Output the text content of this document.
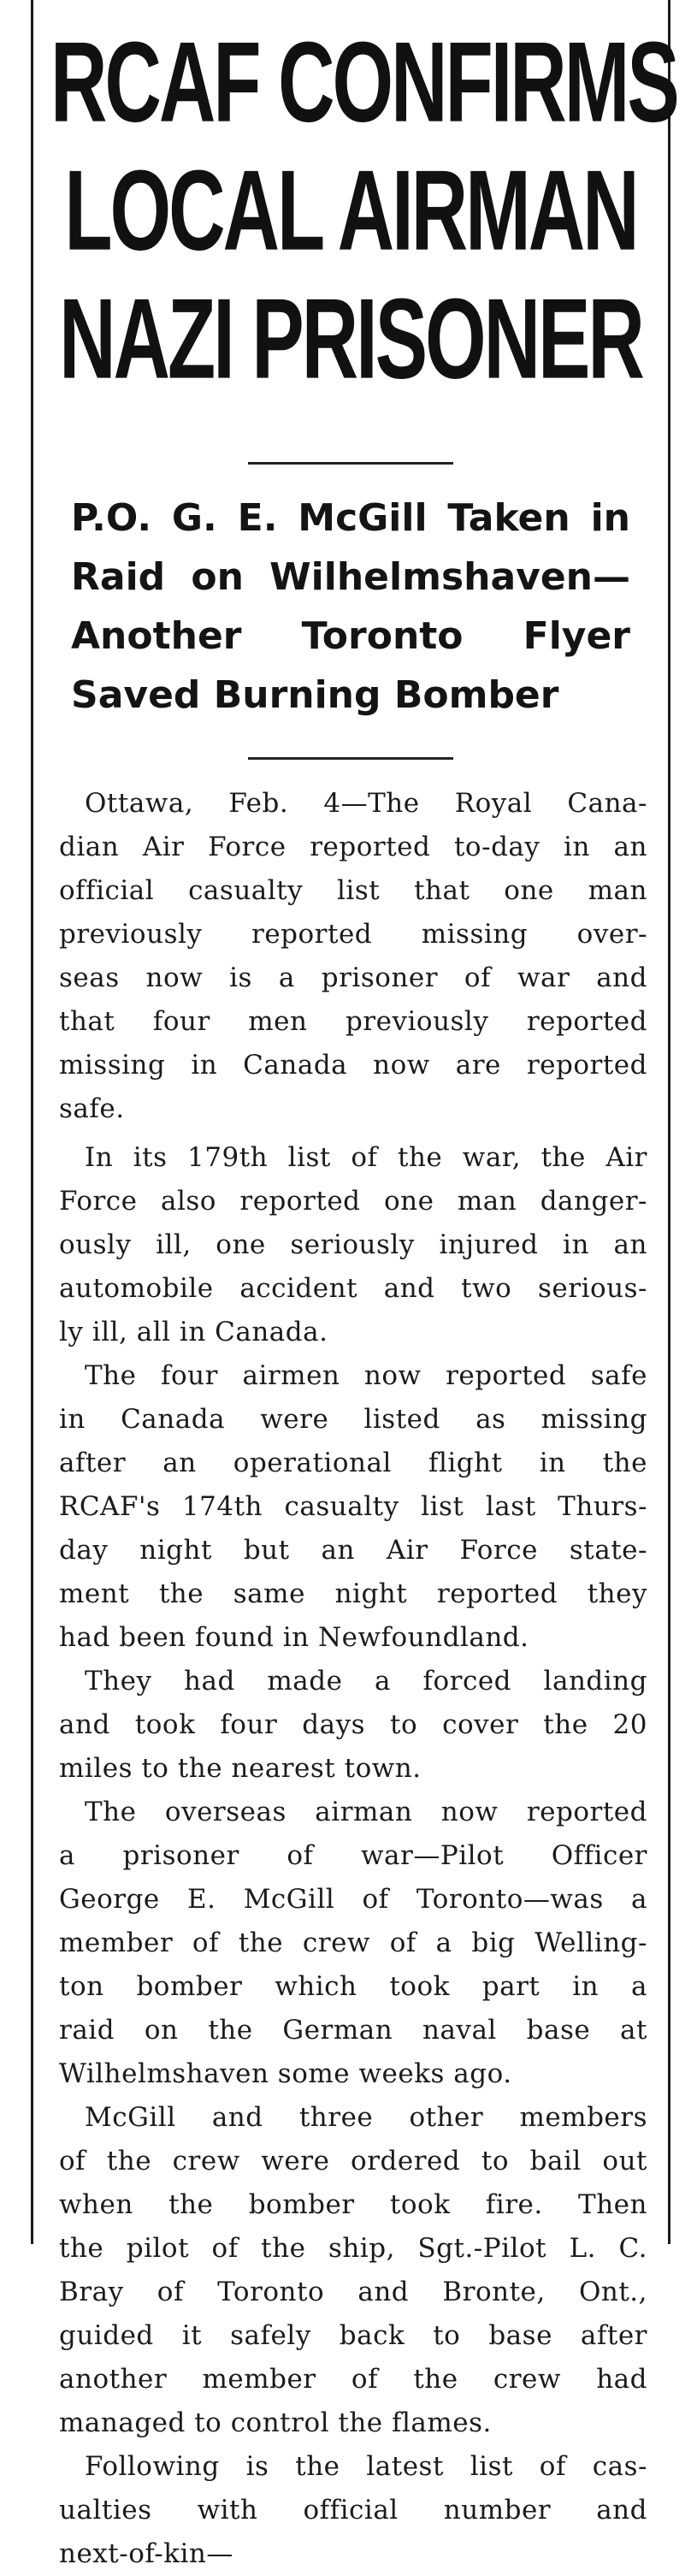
RCAF CONFIRMS
LOCAL AIRMAN
NAZI PRISONER
P.O. G. E. McGill Taken in
Raid on Wilhelmshaven—
Another Toronto Flyer
Saved Burning Bomber

Ottawa, Feb. 4—The Royal Cana-
dian Air Force reported to-day in an
official casualty list that one man
previously reported missing over-
seas now is a prisoner of war and
that four men previously reported
missing in Canada now are reported
safe.

In its 179th list of the war, the Air
Force also reported one man danger-
ously ill, one seriously injured in an
automobile accident and two serious-
ly ill, all in Canada.

The four airmen now reported safe
in Canada were listed as missing
after an operational flight in the
RCAF's 174th casualty list last Thurs-
day night but an Air Force state-
ment the same night reported they
had been found in Newfoundland.

They had made a forced landing
and took four days to cover the 20
miles to the nearest town.

The overseas airman now reported
a prisoner of war—Pilot Officer
George E. McGill of Toronto—was a
member of the crew of a big Welling-
ton bomber which took part in a
raid on the German naval base at
Wilhelmshaven some weeks ago.

McGill and three other members
of the crew were ordered to bail out
when the bomber took fire. Then
the pilot of the ship, Sgt.-Pilot L. C.
Bray of Toronto and Bronte, Ont.,
guided it safely back to base after
another member of the crew had
managed to control the flames.

Following is the latest list of cas-
ualties with official number and
next-of-kin—
